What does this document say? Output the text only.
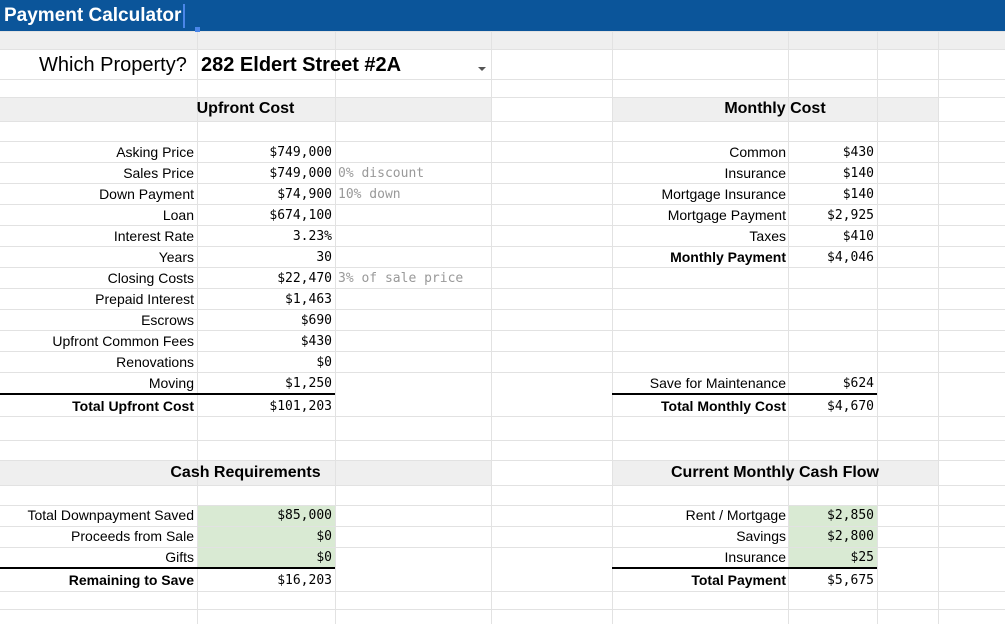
Payment Calculator
Which Property? 282 Eldert Street #2A
Upfront Cost	Monthly Cost
Cash Requirements	Current Monthly Cash Flow
Asking Price	$749,000
Sales Price	$749,000 0% discount
Down Payment	$74,900 10% down
Loan	$674,100
Interest Rate	3.23%
Years	30
Closing Costs	$22,470 3% of sale price
Prepaid Interest	$1,463
Escrows	$690
Upfront Common Fees	$430
Renovations	$0
Moving	$1,250
Total Upfront Cost	$101,203
Common	$430
Insurance	$140
Mortgage Insurance	$140
Mortgage Payment	$2,925
Taxes	$410
Monthly Payment	$4,046
Save for Maintenance	$624
Total Monthly Cost	$4,670
Total Downpayment Saved	$85,000
Proceeds from Sale	$0
Gifts	$0
Remaining to Save	$16,203
Rent / Mortgage	$2,850
Savings	$2,800
Insurance	$25
Total Payment	$5,675
